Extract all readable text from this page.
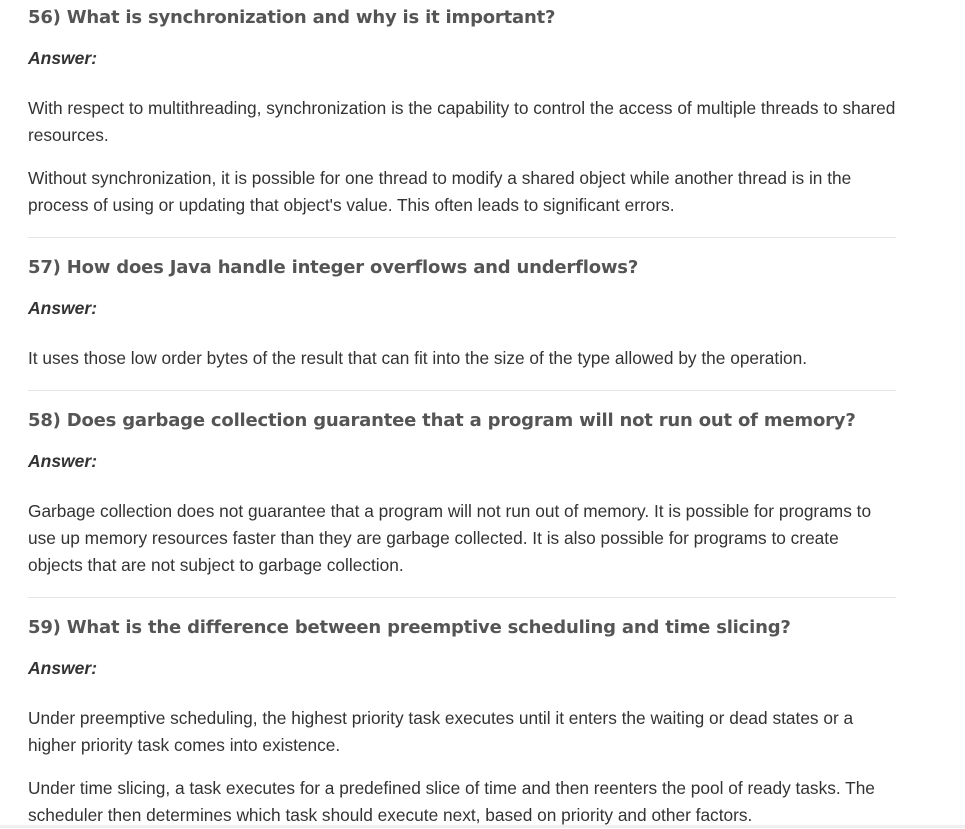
56) What is synchronization and why is it important?

Answer:

With respect to multithreading, synchronization is the capability to control the access of multiple threads to shared resources.

Without synchronization, it is possible for one thread to modify a shared object while another thread is in the process of using or updating that object's value. This often leads to significant errors.

57) How does Java handle integer overflows and underflows?

Answer:

It uses those low order bytes of the result that can fit into the size of the type allowed by the operation.

58) Does garbage collection guarantee that a program will not run out of memory?

Answer:

Garbage collection does not guarantee that a program will not run out of memory. It is possible for programs to use up memory resources faster than they are garbage collected. It is also possible for programs to create objects that are not subject to garbage collection.

59) What is the difference between preemptive scheduling and time slicing?

Answer:

Under preemptive scheduling, the highest priority task executes until it enters the waiting or dead states or a higher priority task comes into existence.

Under time slicing, a task executes for a predefined slice of time and then reenters the pool of ready tasks. The scheduler then determines which task should execute next, based on priority and other factors.
